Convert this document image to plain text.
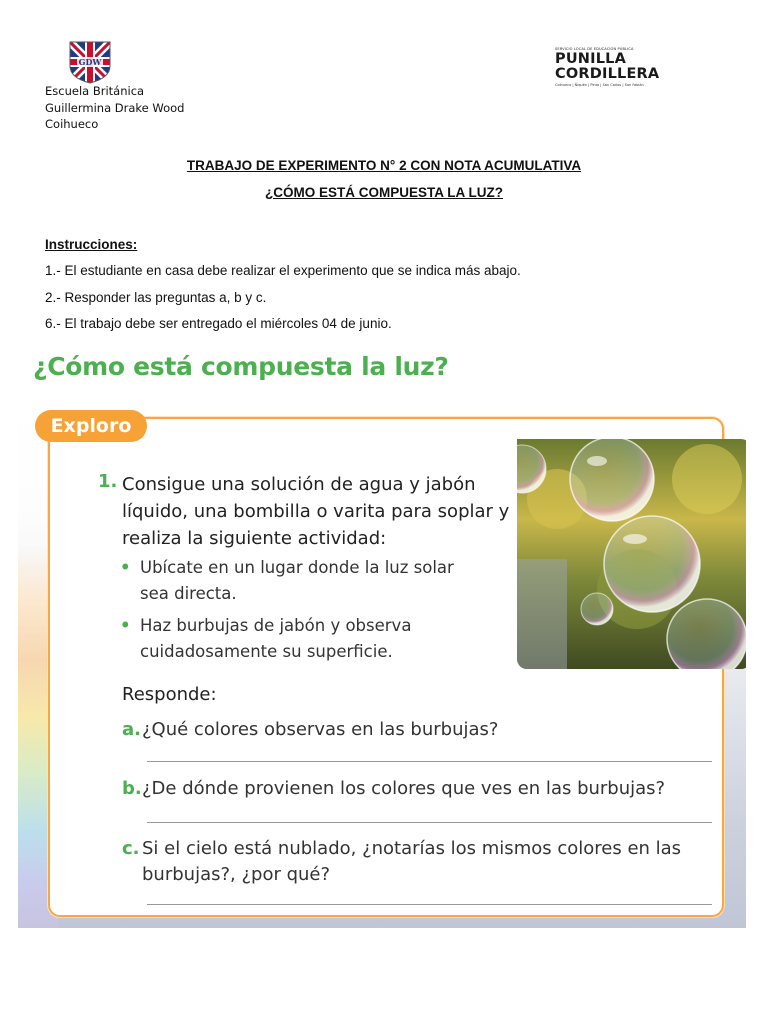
GDW
Escuela Británica
Guillermina Drake Wood
Coihueco
SERVICIO LOCAL DE EDUCACIÓN PÚBLICA
PUNILLA
CORDILLERA
Coihueco | Ñiquén | Pinto | San Carlos | San Fabián
TRABAJO DE EXPERIMENTO N° 2 CON NOTA ACUMULATIVA
¿CÓMO ESTÁ COMPUESTA LA LUZ?
Instrucciones:
1.- El estudiante en casa debe realizar el experimento que se indica más abajo.
2.- Responder las preguntas a, b y c.
6.- El trabajo debe ser entregado el miércoles 04 de junio.
¿Cómo está compuesta la luz?
Exploro
1. Consigue una solución de agua y jabón líquido, una bombilla o varita para soplar y realiza la siguiente actividad:
• Ubícate en un lugar donde la luz solar sea directa.
• Haz burbujas de jabón y observa cuidadosamente su superficie.
Responde:
a. ¿Qué colores observas en las burbujas?
b. ¿De dónde provienen los colores que ves en las burbujas?
c. Si el cielo está nublado, ¿notarías los mismos colores en las burbujas?, ¿por qué?
